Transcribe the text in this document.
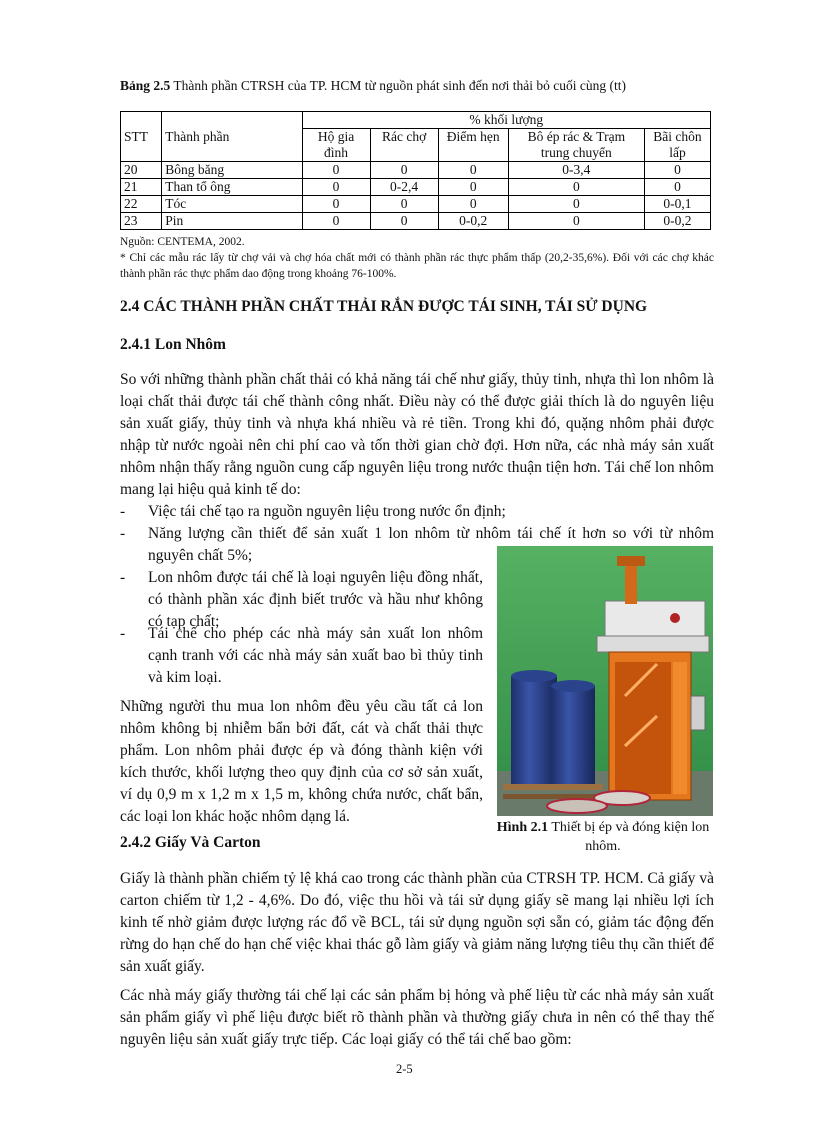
Bảng 2.5 Thành phần CTRSH của TP. HCM từ nguồn phát sinh đến nơi thải bỏ cuối cùng (tt)
STT	Thành phần	% khối lượng				
		Hộ gia đình	Rác chợ	Điểm hẹn	Bô ép rác & Trạm trung chuyển	Bãi chôn lấp
20	Bông băng	0	0	0	0-3,4	0
21	Than tổ ông	0	0-2,4	0	0	0
22	Tóc	0	0	0	0	0-0,1
23	Pin	0	0	0-0,2	0	0-0,2
Nguồn: CENTEMA, 2002.
* Chỉ các mẫu rác lấy từ chợ vải và chợ hóa chất mới có thành phần rác thực phẩm thấp (20,2-35,6%). Đối với các chợ khác thành phần rác thực phẩm dao động trong khoảng 76-100%.
2.4 CÁC THÀNH PHẦN CHẤT THẢI RẮN ĐƯỢC TÁI SINH, TÁI SỬ DỤNG
2.4.1 Lon Nhôm
So với những thành phần chất thải có khả năng tái chế như giấy, thủy tinh, nhựa thì lon nhôm là loại chất thải được tái chế thành công nhất. Điều này có thể được giải thích là do nguyên liệu sản xuất giấy, thủy tinh và nhựa khá nhiều và rẻ tiền. Trong khi đó, quặng nhôm phải được nhập từ nước ngoài nên chi phí cao và tốn thời gian chờ đợi. Hơn nữa, các nhà máy sản xuất nhôm nhận thấy rằng nguồn cung cấp nguyên liệu trong nước thuận tiện hơn. Tái chế lon nhôm mang lại hiệu quả kinh tế do:
- Việc tái chế tạo ra nguồn nguyên liệu trong nước ổn định;
- Năng lượng cần thiết để sản xuất 1 lon nhôm từ nhôm tái chế ít hơn so với từ nhôm nguyên chất 5%;
- Lon nhôm được tái chế là loại nguyên liệu đồng nhất, có thành phần xác định biết trước và hầu như không có tạp chất;
- Tái chế cho phép các nhà máy sản xuất lon nhôm cạnh tranh với các nhà máy sản xuất bao bì thủy tinh và kim loại.
Những người thu mua lon nhôm đều yêu cầu tất cả lon nhôm không bị nhiễm bẩn bởi đất, cát và chất thải thực phẩm. Lon nhôm phải được ép và đóng thành kiện với kích thước, khối lượng theo quy định của cơ sở sản xuất, ví dụ 0,9 m x 1,2 m x 1,5 m, không chứa nước, chất bẩn, các loại lon khác hoặc nhôm dạng lá.
Hình 2.1 Thiết bị ép và đóng kiện lon nhôm.
2.4.2 Giấy Và Carton
Giấy là thành phần chiếm tỷ lệ khá cao trong các thành phần của CTRSH TP. HCM. Cả giấy và carton chiếm từ 1,2 - 4,6%. Do đó, việc thu hồi và tái sử dụng giấy sẽ mang lại nhiều lợi ích kinh tế nhờ giảm được lượng rác đổ về BCL, tái sử dụng nguồn sợi sẵn có, giảm tác động đến rừng do hạn chế do hạn chế việc khai thác gỗ làm giấy và giảm năng lượng tiêu thụ cần thiết để sản xuất giấy.
Các nhà máy giấy thường tái chế lại các sản phẩm bị hỏng và phế liệu từ các nhà máy sản xuất sản phẩm giấy vì phế liệu được biết rõ thành phần và thường giấy chưa in nên có thể thay thế nguyên liệu sản xuất giấy trực tiếp. Các loại giấy có thể tái chế bao gồm:
2-5
